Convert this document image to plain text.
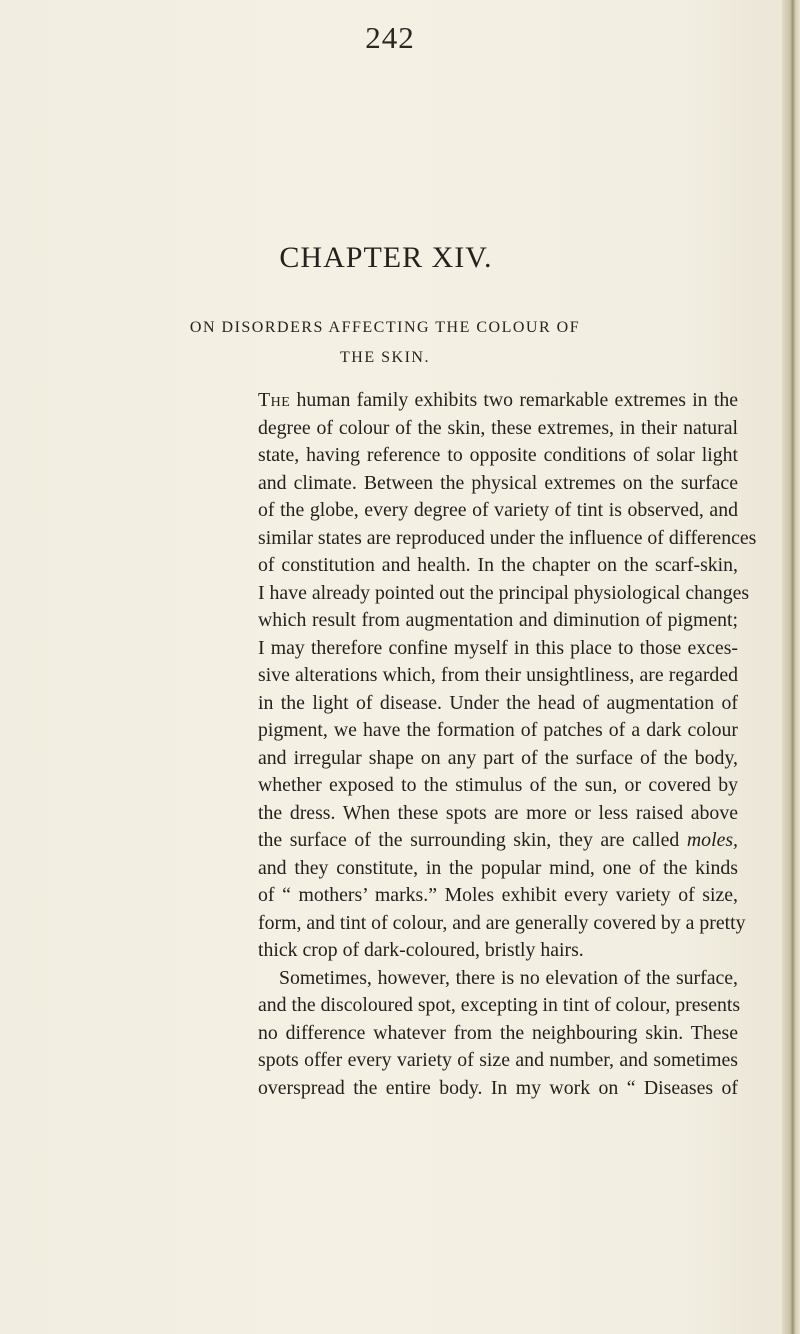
242
CHAPTER XIV.
ON DISORDERS AFFECTING THE COLOUR OF
THE SKIN.
The human family exhibits two remarkable extremes in the
degree of colour of the skin, these extremes, in their natural
state, having reference to opposite conditions of solar light
and climate. Between the physical extremes on the surface
of the globe, every degree of variety of tint is observed, and
similar states are reproduced under the influence of differences
of constitution and health. In the chapter on the scarf-skin,
I have already pointed out the principal physiological changes
which result from augmentation and diminution of pigment;
I may therefore confine myself in this place to those exces-
sive alterations which, from their unsightliness, are regarded
in the light of disease. Under the head of augmentation of
pigment, we have the formation of patches of a dark colour
and irregular shape on any part of the surface of the body,
whether exposed to the stimulus of the sun, or covered by
the dress. When these spots are more or less raised above
the surface of the surrounding skin, they are called moles,
and they constitute, in the popular mind, one of the kinds
of “ mothers’ marks.” Moles exhibit every variety of size,
form, and tint of colour, and are generally covered by a pretty
thick crop of dark-coloured, bristly hairs.
Sometimes, however, there is no elevation of the surface,
and the discoloured spot, excepting in tint of colour, presents
no difference whatever from the neighbouring skin. These
spots offer every variety of size and number, and sometimes
overspread the entire body. In my work on “ Diseases of
